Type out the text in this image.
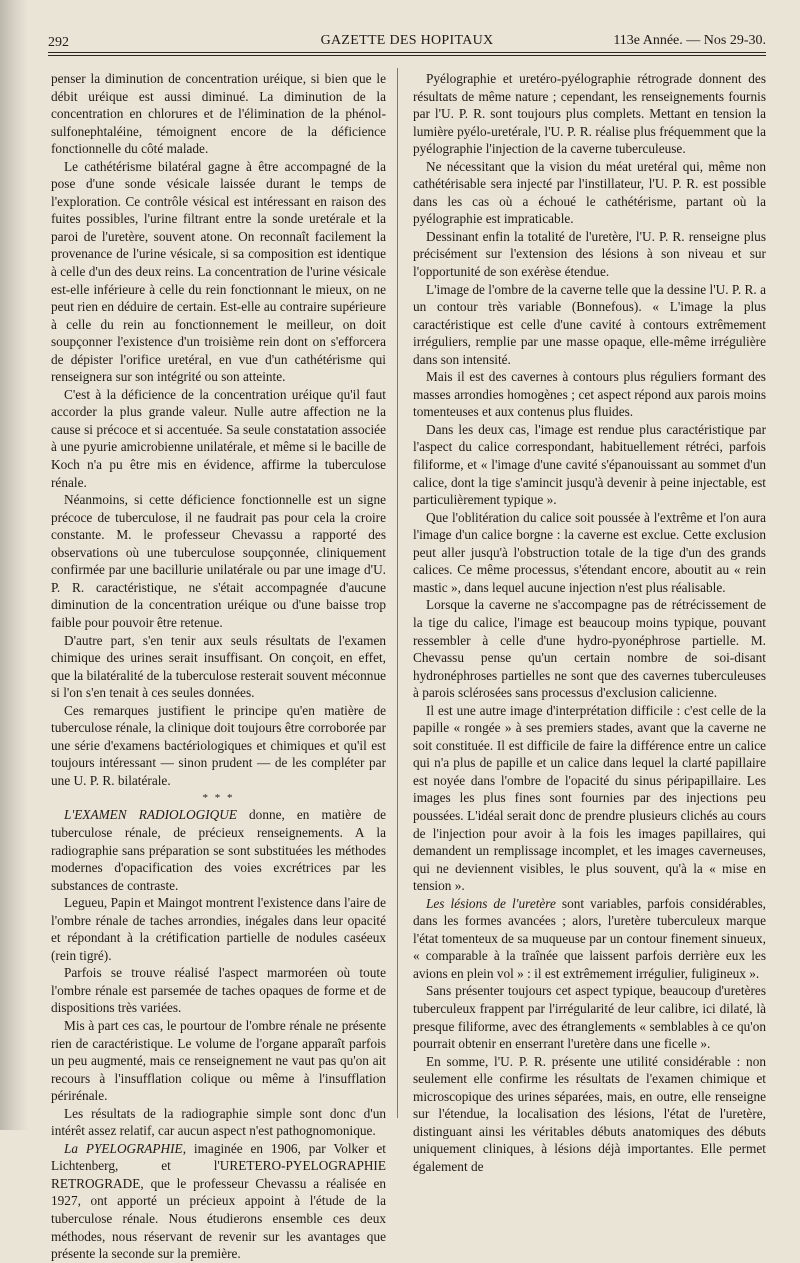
GAZETTE DES HOPITAUX
292	113e Année. — Nos 29-30.

penser la diminution de concentration uréique, si bien que le débit uréique est aussi diminué. La diminution de la concentration en chlorures et de l'élimination de la phénol-sulfonephtaléine, témoignent encore de la déficience fonctionnelle du côté malade.

Le cathétérisme bilatéral gagne à être accompagné de la pose d'une sonde vésicale laissée durant le temps de l'exploration. Ce contrôle vésical est intéressant en raison des fuites possibles, l'urine filtrant entre la sonde uretérale et la paroi de l'uretère, souvent atone. On reconnaît facilement la provenance de l'urine vésicale, si sa composition est identique à celle d'un des deux reins. La concentration de l'urine vésicale est-elle inférieure à celle du rein fonctionnant le mieux, on ne peut rien en déduire de certain. Est-elle au contraire supérieure à celle du rein au fonctionnement le meilleur, on doit soupçonner l'existence d'un troisième rein dont on s'efforcera de dépister l'orifice uretéral, en vue d'un cathétérisme qui renseignera sur son intégrité ou son atteinte.

C'est à la déficience de la concentration uréique qu'il faut accorder la plus grande valeur. Nulle autre affection ne la cause si précoce et si accentuée. Sa seule constatation associée à une pyurie amicrobienne unilatérale, et même si le bacille de Koch n'a pu être mis en évidence, affirme la tuberculose rénale.

Néanmoins, si cette déficience fonctionnelle est un signe précoce de tuberculose, il ne faudrait pas pour cela la croire constante. M. le professeur Chevassu a rapporté des observations où une tuberculose soupçonnée, cliniquement confirmée par une bacillurie unilatérale ou par une image d'U. P. R. caractéristique, ne s'était accompagnée d'aucune diminution de la concentration uréique ou d'une baisse trop faible pour pouvoir être retenue.

D'autre part, s'en tenir aux seuls résultats de l'examen chimique des urines serait insuffisant. On conçoit, en effet, que la bilatéralité de la tuberculose resterait souvent méconnue si l'on s'en tenait à ces seules données.

Ces remarques justifient le principe qu'en matière de tuberculose rénale, la clinique doit toujours être corroborée par une série d'examens bactériologiques et chimiques et qu'il est toujours intéressant — sinon prudent — de les compléter par une U. P. R. bilatérale.

* * *

L'EXAMEN RADIOLOGIQUE donne, en matière de tuberculose rénale, de précieux renseignements. A la radiographie sans préparation se sont substituées les méthodes modernes d'opacification des voies excrétrices par les substances de contraste.

Legueu, Papin et Maingot montrent l'existence dans l'aire de l'ombre rénale de taches arrondies, inégales dans leur opacité et répondant à la crétification partielle de nodules caséeux (rein tigré).

Parfois se trouve réalisé l'aspect marmoréen où toute l'ombre rénale est parsemée de taches opaques de forme et de dispositions très variées.

Mis à part ces cas, le pourtour de l'ombre rénale ne présente rien de caractéristique. Le volume de l'organe apparaît parfois un peu augmenté, mais ce renseignement ne vaut pas qu'on ait recours à l'insufflation colique ou même à l'insufflation périrénale.

Les résultats de la radiographie simple sont donc d'un intérêt assez relatif, car aucun aspect n'est pathognomonique.

La PYELOGRAPHIE, imaginée en 1906, par Volker et Lichtenberg, et l'URETERO-PYELOGRAPHIE RETROGRADE, que le professeur Chevassu a réalisée en 1927, ont apporté un précieux appoint à l'étude de la tuberculose rénale. Nous étudierons ensemble ces deux méthodes, nous réservant de revenir sur les avantages que présente la seconde sur la première.

Pyélographie et uretéro-pyélographie rétrograde donnent des résultats de même nature ; cependant, les renseignements fournis par l'U. P. R. sont toujours plus complets. Mettant en tension la lumière pyélo-uretérale, l'U. P. R. réalise plus fréquemment que la pyélographie l'injection de la caverne tuberculeuse.

Ne nécessitant que la vision du méat uretéral qui, même non cathétérisable sera injecté par l'instillateur, l'U. P. R. est possible dans les cas où a échoué le cathétérisme, partant où la pyélographie est impraticable.

Dessinant enfin la totalité de l'uretère, l'U. P. R. renseigne plus précisément sur l'extension des lésions à son niveau et sur l'opportunité de son exérèse étendue.

L'image de l'ombre de la caverne telle que la dessine l'U. P. R. a un contour très variable (Bonnefous). « L'image la plus caractéristique est celle d'une cavité à contours extrêmement irréguliers, remplie par une masse opaque, elle-même irrégulière dans son intensité.

Mais il est des cavernes à contours plus réguliers formant des masses arrondies homogènes ; cet aspect répond aux parois moins tomenteuses et aux contenus plus fluides.

Dans les deux cas, l'image est rendue plus caractéristique par l'aspect du calice correspondant, habituellement rétréci, parfois filiforme, et « l'image d'une cavité s'épanouissant au sommet d'un calice, dont la tige s'amincit jusqu'à devenir à peine injectable, est particulièrement typique ».

Que l'oblitération du calice soit poussée à l'extrême et l'on aura l'image d'un calice borgne : la caverne est exclue. Cette exclusion peut aller jusqu'à l'obstruction totale de la tige d'un des grands calices. Ce même processus, s'étendant encore, aboutit au « rein mastic », dans lequel aucune injection n'est plus réalisable.

Lorsque la caverne ne s'accompagne pas de rétrécissement de la tige du calice, l'image est beaucoup moins typique, pouvant ressembler à celle d'une hydro-pyonéphrose partielle. M. Chevassu pense qu'un certain nombre de soi-disant hydronéphroses partielles ne sont que des cavernes tuberculeuses à parois sclérosées sans processus d'exclusion calicienne.

Il est une autre image d'interprétation difficile : c'est celle de la papille « rongée » à ses premiers stades, avant que la caverne ne soit constituée. Il est difficile de faire la différence entre un calice qui n'a plus de papille et un calice dans lequel la clarté papillaire est noyée dans l'ombre de l'opacité du sinus péripapillaire. Les images les plus fines sont fournies par des injections peu poussées. L'idéal serait donc de prendre plusieurs clichés au cours de l'injection pour avoir à la fois les images papillaires, qui demandent un remplissage incomplet, et les images caverneuses, qui ne deviennent visibles, le plus souvent, qu'à la « mise en tension ».

Les lésions de l'uretère sont variables, parfois considérables, dans les formes avancées ; alors, l'uretère tuberculeux marque l'état tomenteux de sa muqueuse par un contour finement sinueux, « comparable à la traînée que laissent parfois derrière eux les avions en plein vol » : il est extrêmement irrégulier, fuligineux ».

Sans présenter toujours cet aspect typique, beaucoup d'uretères tuberculeux frappent par l'irrégularité de leur calibre, ici dilaté, là presque filiforme, avec des étranglements « semblables à ce qu'on pourrait obtenir en enserrant l'uretère dans une ficelle ».

En somme, l'U. P. R. présente une utilité considérable : non seulement elle confirme les résultats de l'examen chimique et microscopique des urines séparées, mais, en outre, elle renseigne sur l'étendue, la localisation des lésions, l'état de l'uretère, distinguant ainsi les véritables débuts anatomiques des débuts uniquement cliniques, à lésions déjà importantes. Elle permet également de
